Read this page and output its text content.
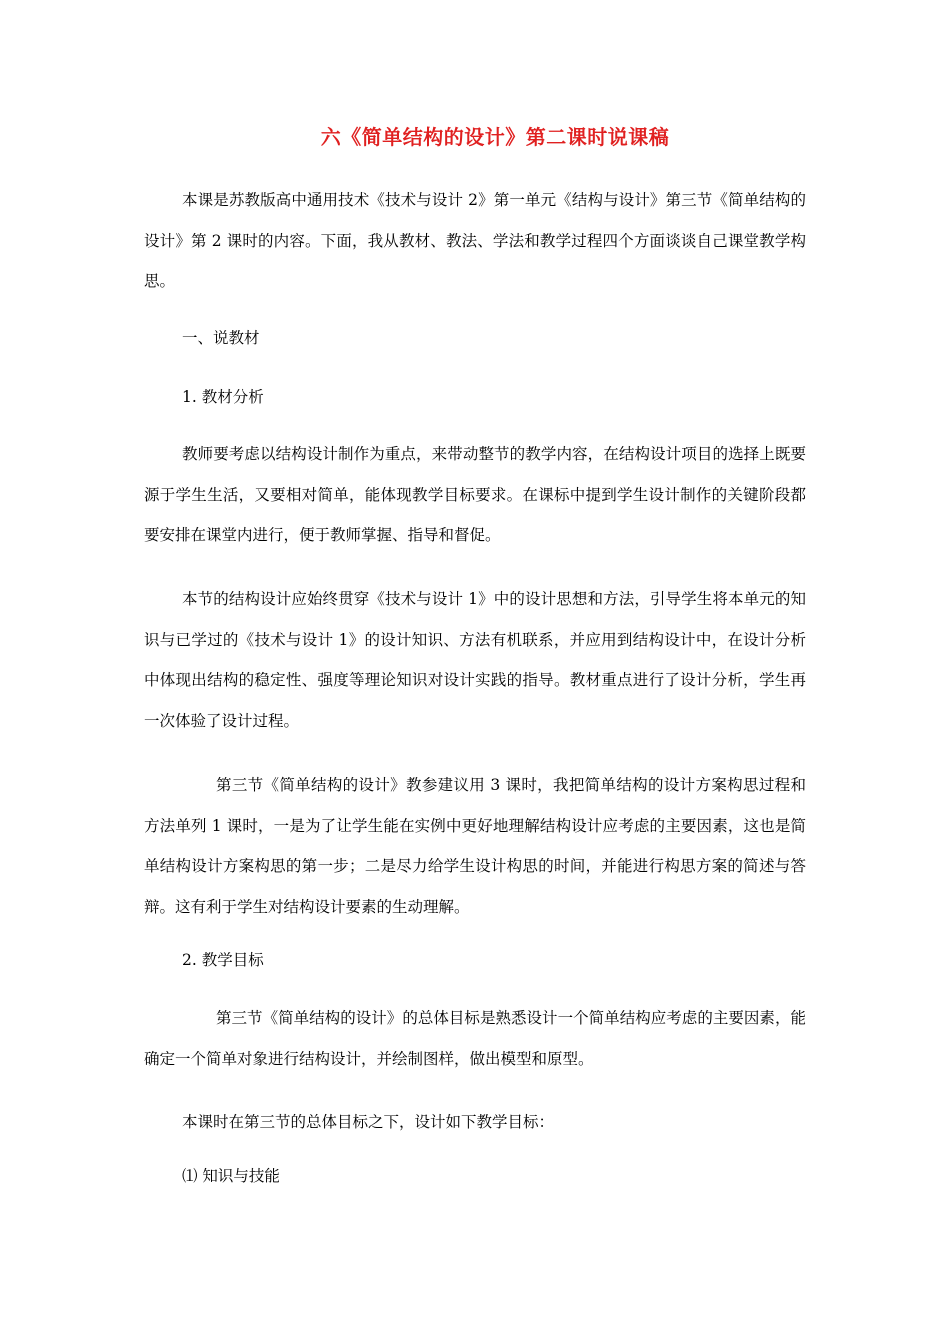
六《简单结构的设计》第二课时说课稿

本课是苏教版高中通用技术《技术与设计 2》第一单元《结构与设计》第三节《简单结构的设计》第 2 课时的内容。下面，我从教材、教法、学法和教学过程四个方面谈谈自己课堂教学构思。

一、说教材

1. 教材分析

教师要考虑以结构设计制作为重点，来带动整节的教学内容，在结构设计项目的选择上既要源于学生生活，又要相对简单，能体现教学目标要求。在课标中提到学生设计制作的关键阶段都要安排在课堂内进行，便于教师掌握、指导和督促。

本节的结构设计应始终贯穿《技术与设计 1》中的设计思想和方法，引导学生将本单元的知识与已学过的《技术与设计 1》的设计知识、方法有机联系，并应用到结构设计中，在设计分析中体现出结构的稳定性、强度等理论知识对设计实践的指导。教材重点进行了设计分析，学生再一次体验了设计过程。

第三节《简单结构的设计》教参建议用 3 课时，我把简单结构的设计方案构思过程和方法单列 1 课时，一是为了让学生能在实例中更好地理解结构设计应考虑的主要因素，这也是简单结构设计方案构思的第一步；二是尽力给学生设计构思的时间，并能进行构思方案的简述与答辩。这有利于学生对结构设计要素的生动理解。

2. 教学目标

第三节《简单结构的设计》的总体目标是熟悉设计一个简单结构应考虑的主要因素，能确定一个简单对象进行结构设计，并绘制图样，做出模型和原型。

本课时在第三节的总体目标之下，设计如下教学目标：

⑴ 知识与技能
